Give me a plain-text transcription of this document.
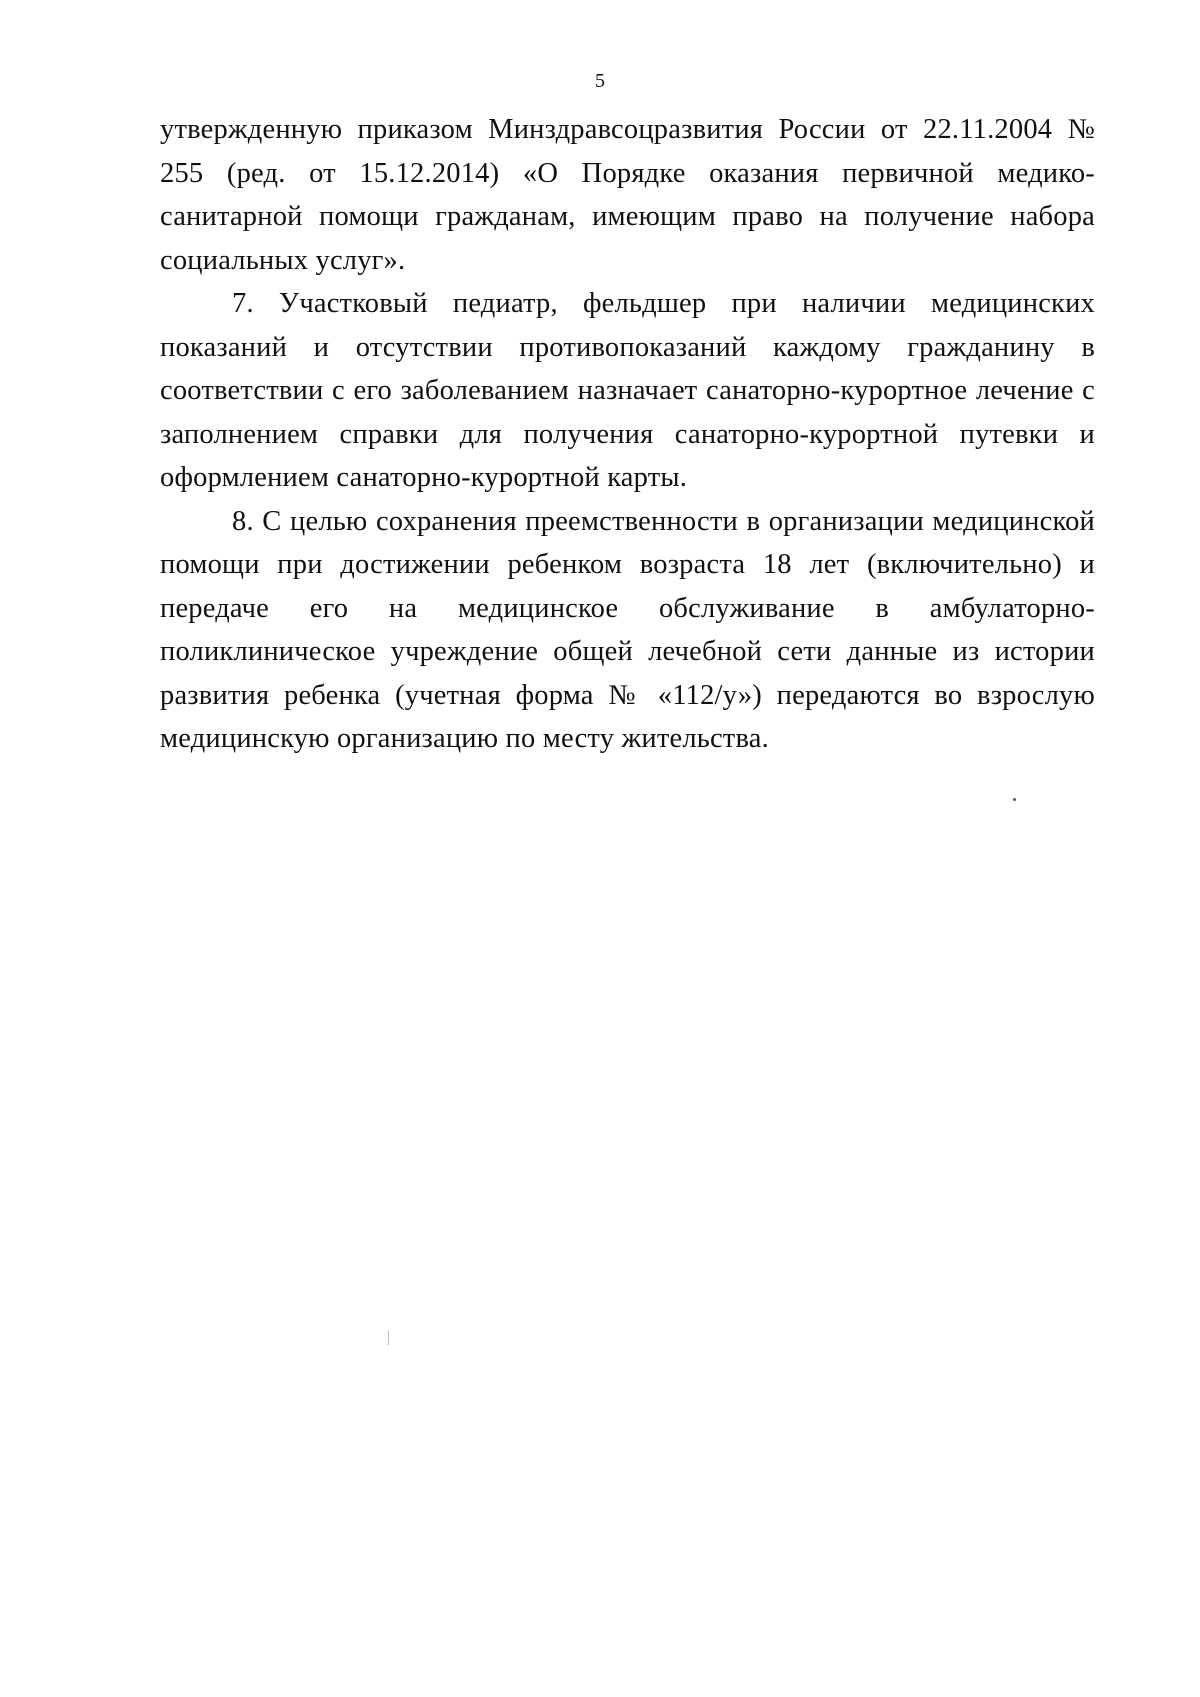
5

утвержденную приказом Минздравсоцразвития России от 22.11.2004 № 255 (ред. от 15.12.2014) «О Порядке оказания первичной медико-санитарной помощи гражданам, имеющим право на получение набора социальных услуг».

7. Участковый педиатр, фельдшер при наличии медицинских показаний и отсутствии противопоказаний каждому гражданину в соответствии с его заболеванием назначает санаторно-курортное лечение с заполнением справки для получения санаторно-курортной путевки и оформлением санаторно-курортной карты.

8. С целью сохранения преемственности в организации медицинской помощи при достижении ребенком возраста 18 лет (включительно) и передаче его на медицинское обслуживание в амбулаторно-поликлиническое учреждение общей лечебной сети данные из истории развития ребенка (учетная форма № «112/у») передаются во взрослую медицинскую организацию по месту жительства.
